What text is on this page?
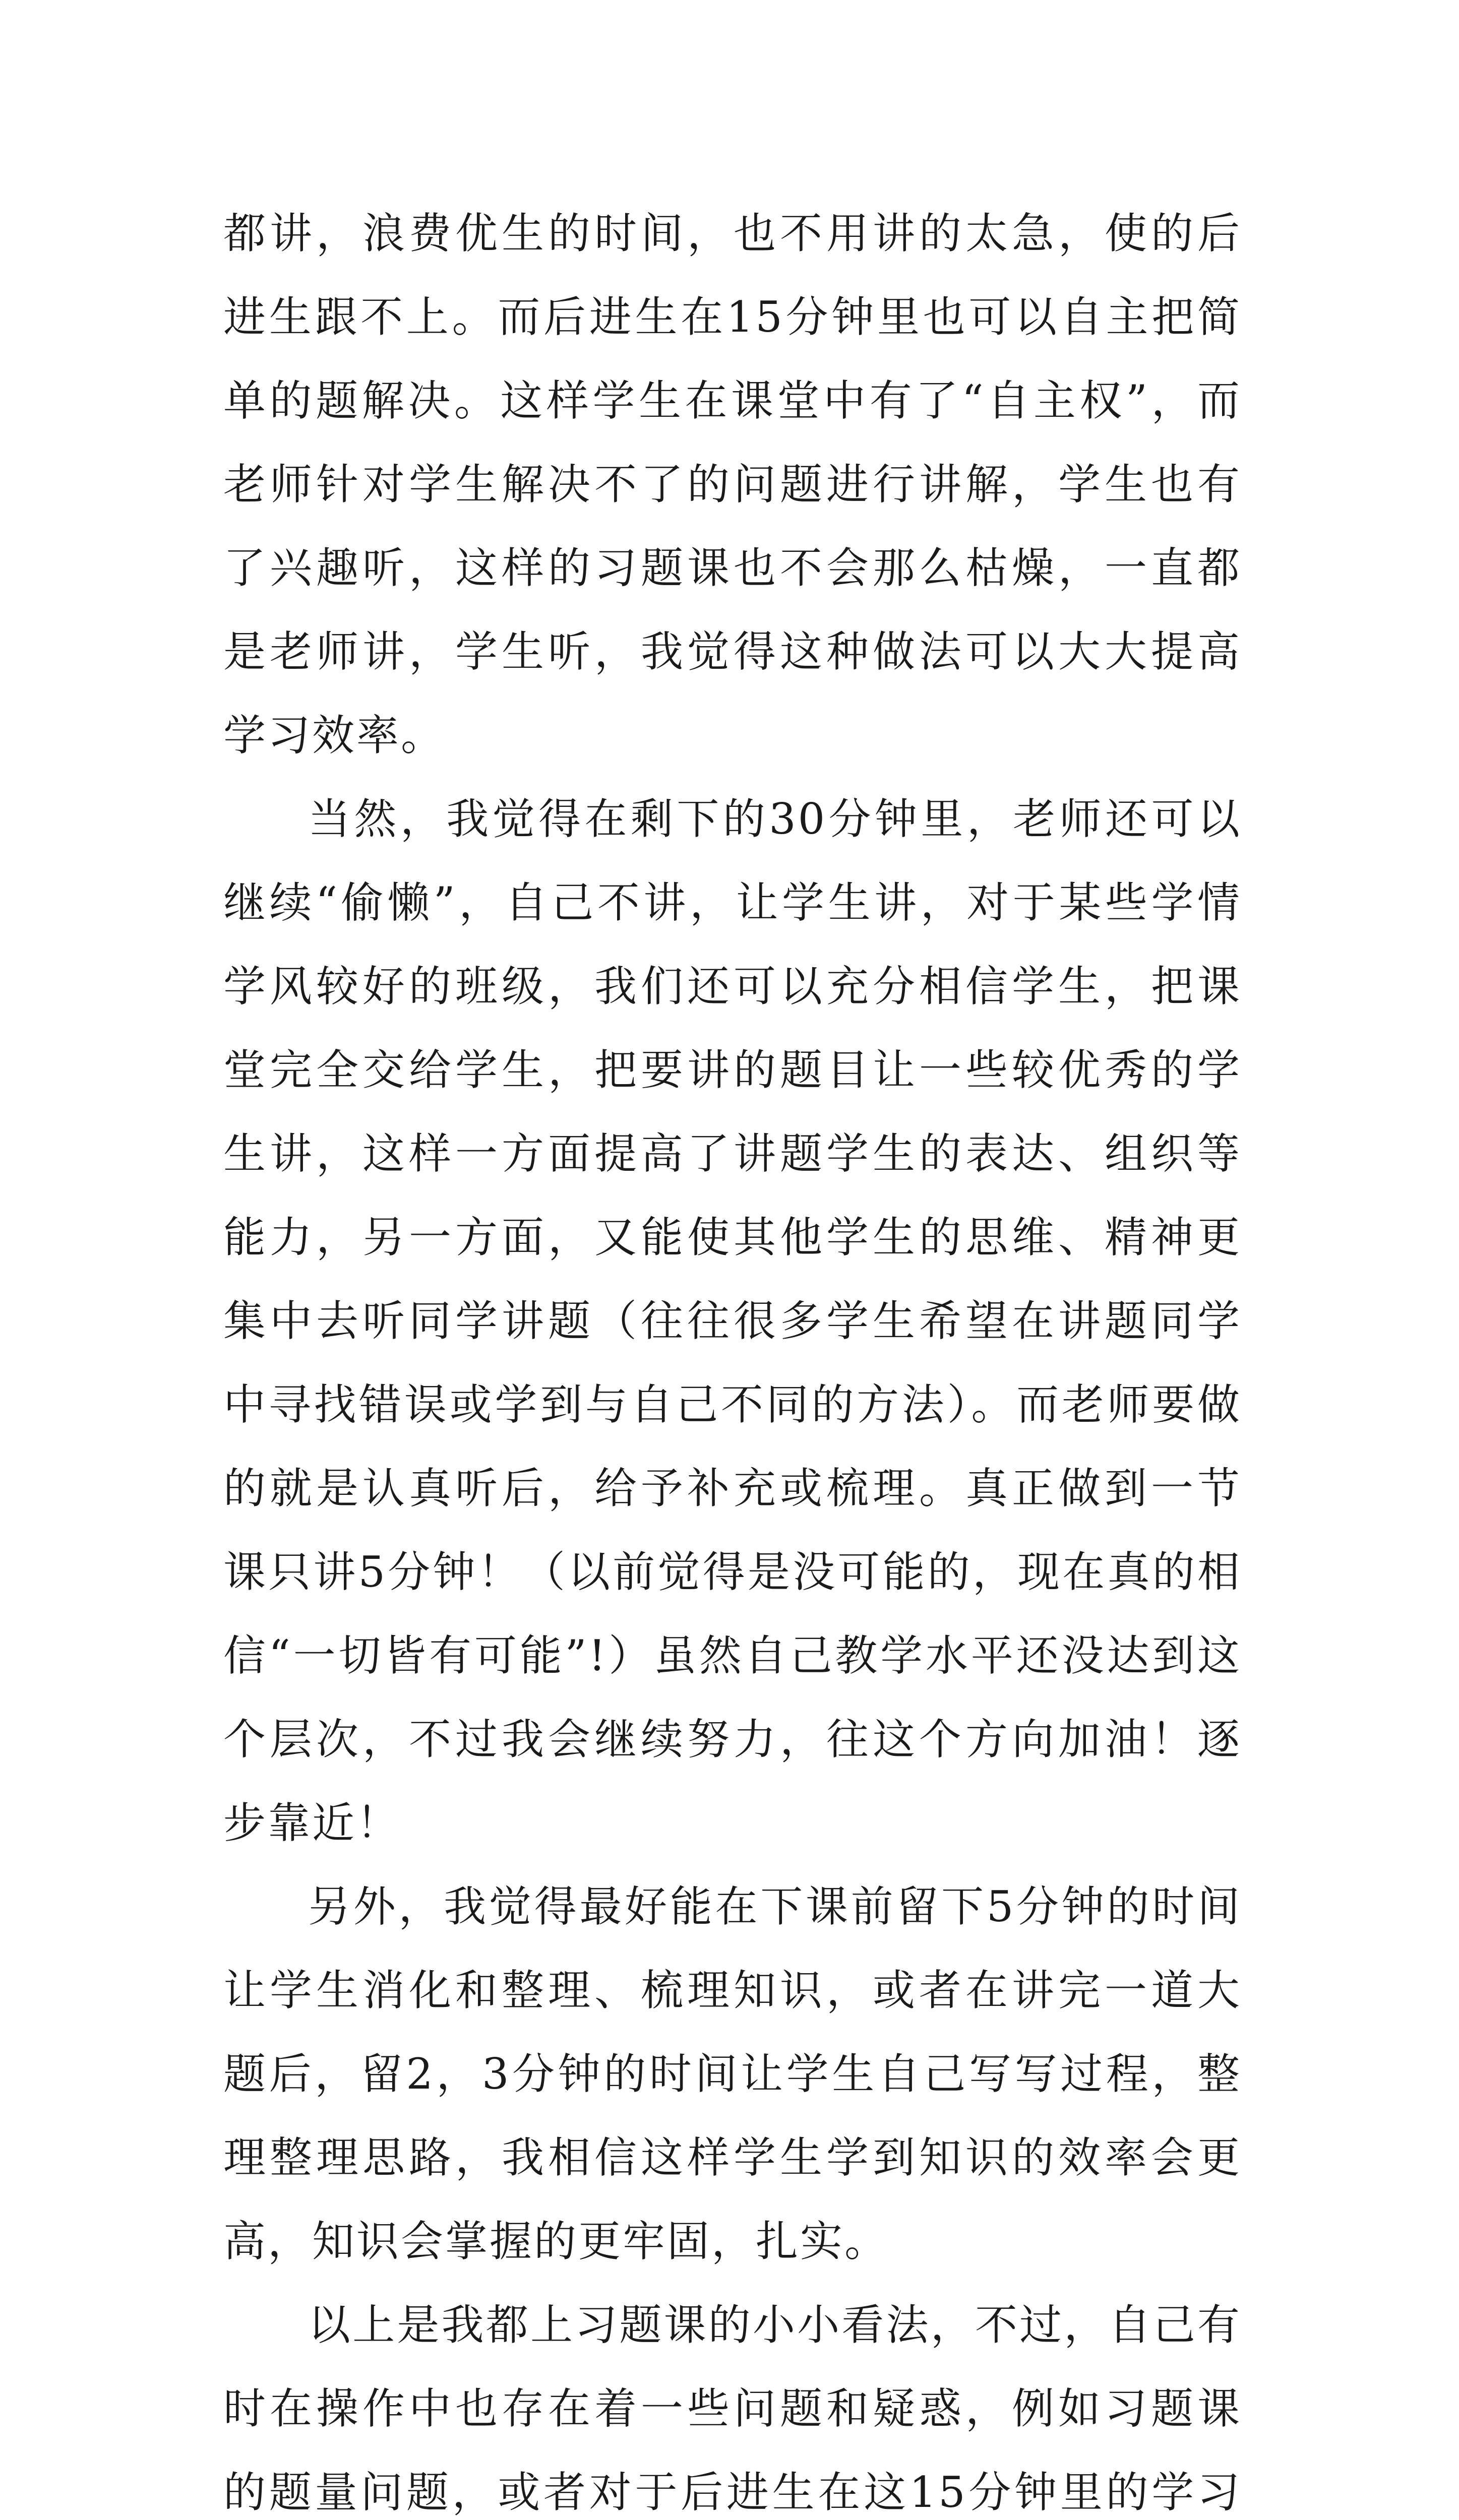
都讲，浪费优生的时间，也不用讲的太急，使的后进生跟不上。而后进生在15分钟里也可以自主把简单的题解决。这样学生在课堂中有了“自主权”，而老师针对学生解决不了的问题进行讲解，学生也有了兴趣听，这样的习题课也不会那么枯燥，一直都是老师讲，学生听，我觉得这种做法可以大大提高学习效率。

当然，我觉得在剩下的30分钟里，老师还可以继续“偷懒”，自己不讲，让学生讲，对于某些学情学风较好的班级，我们还可以充分相信学生，把课堂完全交给学生，把要讲的题目让一些较优秀的学生讲，这样一方面提高了讲题学生的表达、组织等能力，另一方面，又能使其他学生的思维、精神更集中去听同学讲题（往往很多学生希望在讲题同学中寻找错误或学到与自己不同的方法）。而老师要做的就是认真听后，给予补充或梳理。真正做到一节课只讲5分钟！（以前觉得是没可能的，现在真的相信“一切皆有可能”!）虽然自己教学水平还没达到这个层次，不过我会继续努力，往这个方向加油！逐步靠近！

另外，我觉得最好能在下课前留下5分钟的时间让学生消化和整理、梳理知识，或者在讲完一道大题后，留2，3分钟的时间让学生自己写写过程，整理整理思路，我相信这样学生学到知识的效率会更高，知识会掌握的更牢固，扎实。

以上是我都上习题课的小小看法，不过，自己有时在操作中也存在着一些问题和疑惑，例如习题课的题量问题，或者对于后进生在这15分钟里的学习
